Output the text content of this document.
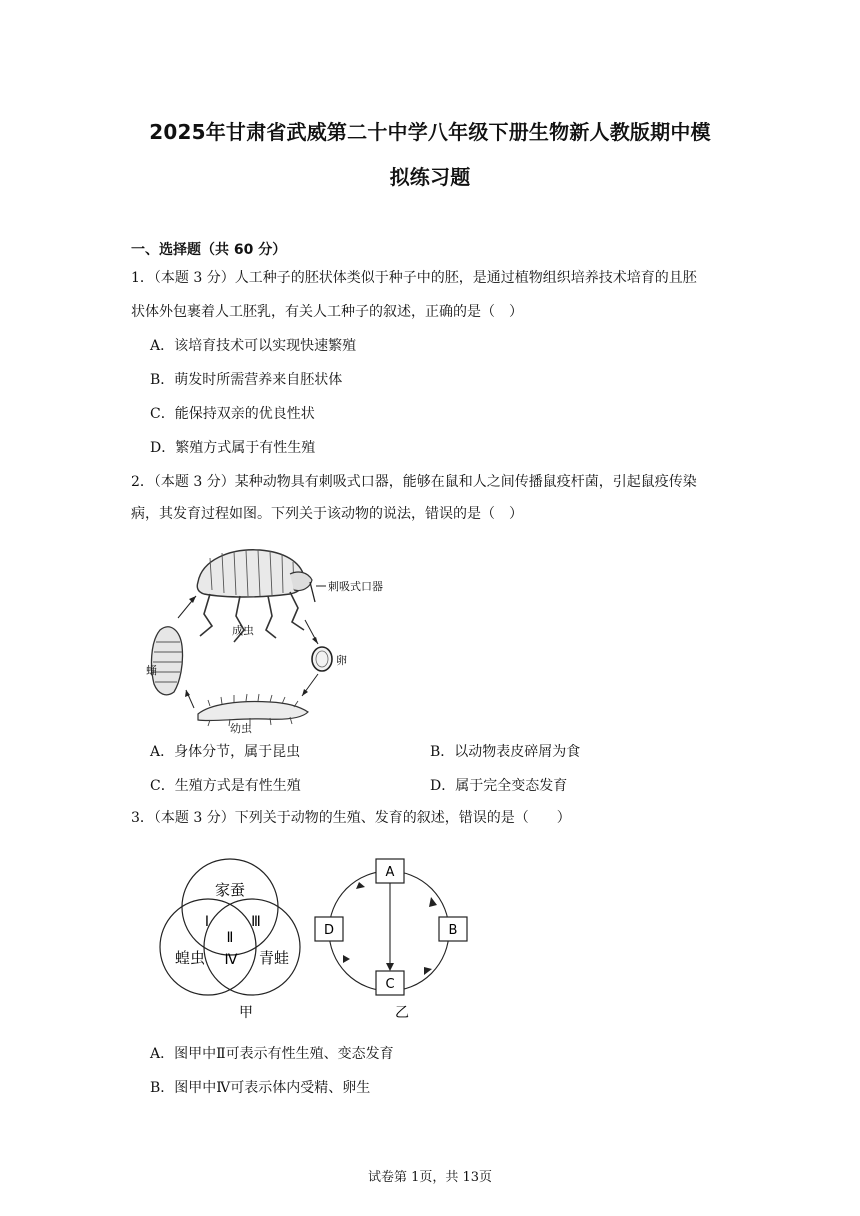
2025年甘肃省武威第二十中学八年级下册生物新人教版期中模
拟练习题
一、选择题（共 60 分）
1．（本题 3 分）人工种子的胚状体类似于种子中的胚，是通过植物组织培养技术培育的且胚
状体外包裹着人工胚乳，有关人工种子的叙述，正确的是（　）
A．该培育技术可以实现快速繁殖
B．萌发时所需营养来自胚状体
C．能保持双亲的优良性状
D．繁殖方式属于有性生殖
2．（本题 3 分）某种动物具有刺吸式口器，能够在鼠和人之间传播鼠疫杆菌，引起鼠疫传染
病，其发育过程如图。下列关于该动物的说法，错误的是（　）
刺吸式口器
成虫
卵
幼虫
蛹
A．身体分节，属于昆虫	B．以动物表皮碎屑为食
C．生殖方式是有性生殖	D．属于完全变态发育
3．（本题 3 分）下列关于动物的生殖、发育的叙述，错误的是（　　）
家蚕
蝗虫	青蛙
Ⅰ
Ⅱ
Ⅲ
Ⅳ
甲
A
B
C
D
乙
A．图甲中Ⅱ可表示有性生殖、变态发育
B．图甲中Ⅳ可表示体内受精、卵生
试卷第 1页，共 13页
